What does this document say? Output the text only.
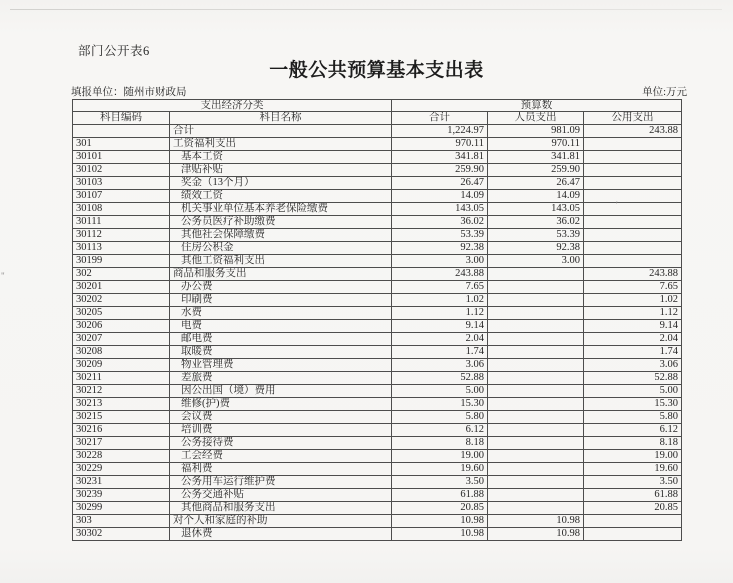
部门公开表6
一般公共预算基本支出表
填报单位：随州市财政局	单位:万元
支出经济分类		预算数		
科目编码	科目名称	合计	人员支出	公用支出
	合计	1,224.97	981.09	243.88
301	工资福利支出	970.11	970.11	
30101	基本工资	341.81	341.81	
30102	津贴补贴	259.90	259.90	
30103	奖金（13个月）	26.47	26.47	
30107	绩效工资	14.09	14.09	
30108	机关事业单位基本养老保险缴费	143.05	143.05	
30111	公务员医疗补助缴费	36.02	36.02	
30112	其他社会保障缴费	53.39	53.39	
30113	住房公积金	92.38	92.38	
30199	其他工资福利支出	3.00	3.00	
302	商品和服务支出	243.88		243.88
30201	办公费	7.65		7.65
30202	印刷费	1.02		1.02
30205	水费	1.12		1.12
30206	电费	9.14		9.14
30207	邮电费	2.04		2.04
30208	取暖费	1.74		1.74
30209	物业管理费	3.06		3.06
30211	差旅费	52.88		52.88
30212	因公出国（境）费用	5.00		5.00
30213	维修(护)费	15.30		15.30
30215	会议费	5.80		5.80
30216	培训费	6.12		6.12
30217	公务接待费	8.18		8.18
30228	工会经费	19.00		19.00
30229	福利费	19.60		19.60
30231	公务用车运行维护费	3.50		3.50
30239	公务交通补贴	61.88		61.88
30299	其他商品和服务支出	20.85		20.85
303	对个人和家庭的补助	10.98	10.98	
30302	退休费	10.98	10.98	
'
"
